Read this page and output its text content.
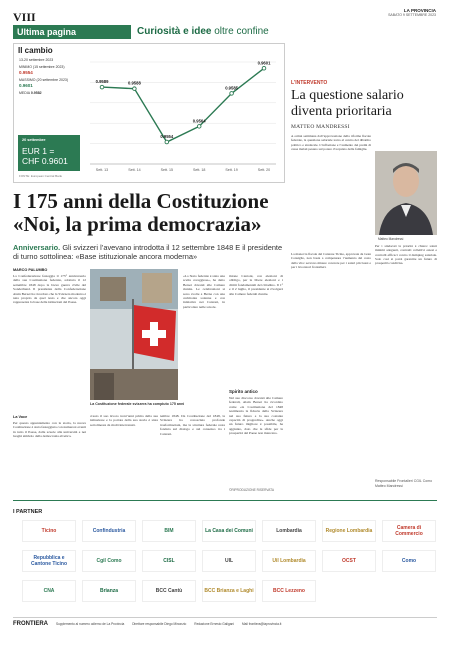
VIII	LA PROVINCIA
SABATO 9 SETTEMBRE 2023
Ultima pagina	Curiosità e idee oltre confine
Il cambio
13-20 settembre 2023
MINIMO (15 settembre 2023)
0.9554
MASSIMO (20 settembre 2023)
0.9601
MEDIA 0.9582
20 settembre
EUR 1 =
CHF 0.9601
FONTE: European Central Bank
0.9589
Sett. 13
0.9588
Sett. 14
0.9554
Sett. 15
0.9564
Sett. 18
0.9585
Sett. 19
0.9601
Sett. 20
I 175 anni della Costituzione
«Noi, la prima democrazia»
Anniversario. Gli svizzeri l’avevano introdotta il 12 settembre 1848 E il presidente di turno sottolinea: «Base istituzionale ancora moderna»
MARCO PALUMBO
La Confederazione festeggia il 175° anniversario della sua Costituzione federale, adottata il 12 settembre 1848 dopo la breve guerra civile del Sonderbund. Il presidente della Confederazione Alain Berset ha ricordato che la Svizzera moderna è nata proprio da quel testo e che ancora oggi rappresenta la base delle istituzioni del Paese.
La Costituzione federale svizzera ha compiuto 175 anni
«Lo Stato federale è stato una scelta coraggiosa», ha detto Berset davanti alle Camere riunite. Le celebrazioni si sono svolte a Berna con una cerimonia solenne e con iniziative nei Cantoni, in particolare nelle scuole.
mione Cantoni, con elezioni di obbligo, per le libere elezioni e i diritti fondamentali del cittadino. Il 1° e il 2 luglio, il presidente si rivolgerà alle Camere federali riunite.
Spirito antico
Nel suo discorso davanti alle Camere federali, Alain Berset ha ricordato come «la Costituzione del 1848 testimonia la fiducia della Svizzera nel suo futuro e la sua costante capacità di progredire». Anche oggi un futuro migliore è possibile, ha aggiunto, dato che le sfide per la prosperità del Paese non mancano.
La Voce
Per questo appuntamento con la storia, la nuova Costituzione è stata festeggiata con numerosi eventi in tutto il Paese, dalle scuole alle università e nei luoghi simbolo della democrazia elvetica.
creato il suo lavoro trent’anni prima della sua istituzione e la portata della sua storia è stata sottolineata da molti intervenuti.
tembre 1848. Da Costituzione del 1848, la Svizzera ha conosciuto profonde trasformazioni, ma la struttura federale resta fondata sul dialogo e sul consenso tra i Cantoni.
©RIPRODUZIONE RISERVATA
L'INTERVENTO
La questione salario diventa prioritaria
MATTEO MANDRESSI
A ormai settimana dall’approvazione della riforma fiscale federale, la questione salariale torna al centro del dibattito politico e sindacale. L’inflazione e l’aumento dei premi di cassa malati pesano sul potere d’acquisto delle famiglie.
Matteo Mandressi
La manovra fiscale del Cantone Ticino, approvata da Gran Consiglio, non basta a compensare l’aumento del costo della vita: servono misure concrete per i salari più bassi e per i lavoratori frontalieri.
Per i sindacati la priorità è chiara: salari minimi adeguati, contratti collettivi estesi e controlli efficaci contro il dumping salariale. Solo così si potrà garantire un futuro di prosperità condivisa.
Responsabile Frontalieri CGIL Como
Matteo Mandressi
I PARTNER
Ticino	Confindustria	BIM	La Casa dei Comuni	Lombardia	Regione Lombardia	Camera di Commercio
Repubblica e Cantone Ticino	Cgil Como	CISL	UIL	Uil Lombardia	OCST	Como
CNA	Brianza	BCC Cantù	BCC Brianza e Laghi	BCC Lezzeno
FRONTIERA	Supplemento al numero odierno de La Provincia	Direttore responsabile Diego Minonzio	Redazione Ernesto Galigani	Mail frontiera@laprovincia.it
